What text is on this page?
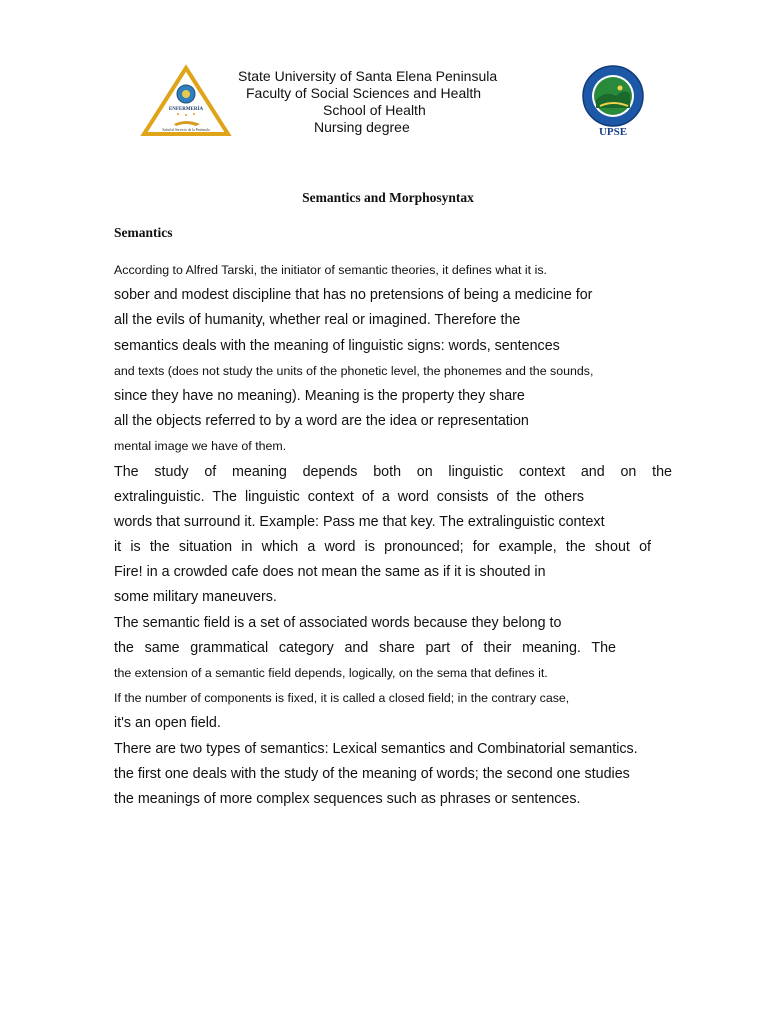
ENFERMERÍA
Salud al Servicio de la Península
State University of Santa Elena Peninsula
Faculty of Social Sciences and Health
School of Health
Nursing degree	UPSE
Semantics and Morphosyntax
Semantics
According to Alfred Tarski, the initiator of semantic theories, it defines what it is.
sober and modest discipline that has no pretensions of being a medicine for
all the evils of humanity, whether real or imagined. Therefore the
semantics deals with the meaning of linguistic signs: words, sentences
and texts (does not study the units of the phonetic level, the phonemes and the sounds,
since they have no meaning). Meaning is the property they share
all the objects referred to by a word are the idea or representation
mental image we have of them.
The study of meaning depends both on linguistic context and on the
extralinguistic. The linguistic context of a word consists of the others
words that surround it. Example: Pass me that key. The extralinguistic context
it is the situation in which a word is pronounced; for example, the shout of
Fire! in a crowded cafe does not mean the same as if it is shouted in
some military maneuvers.
The semantic field is a set of associated words because they belong to
the same grammatical category and share part of their meaning. The
the extension of a semantic field depends, logically, on the sema that defines it.
If the number of components is fixed, it is called a closed field; in the contrary case,
it's an open field.
There are two types of semantics: Lexical semantics and Combinatorial semantics.
the first one deals with the study of the meaning of words; the second one studies
the meanings of more complex sequences such as phrases or sentences.
